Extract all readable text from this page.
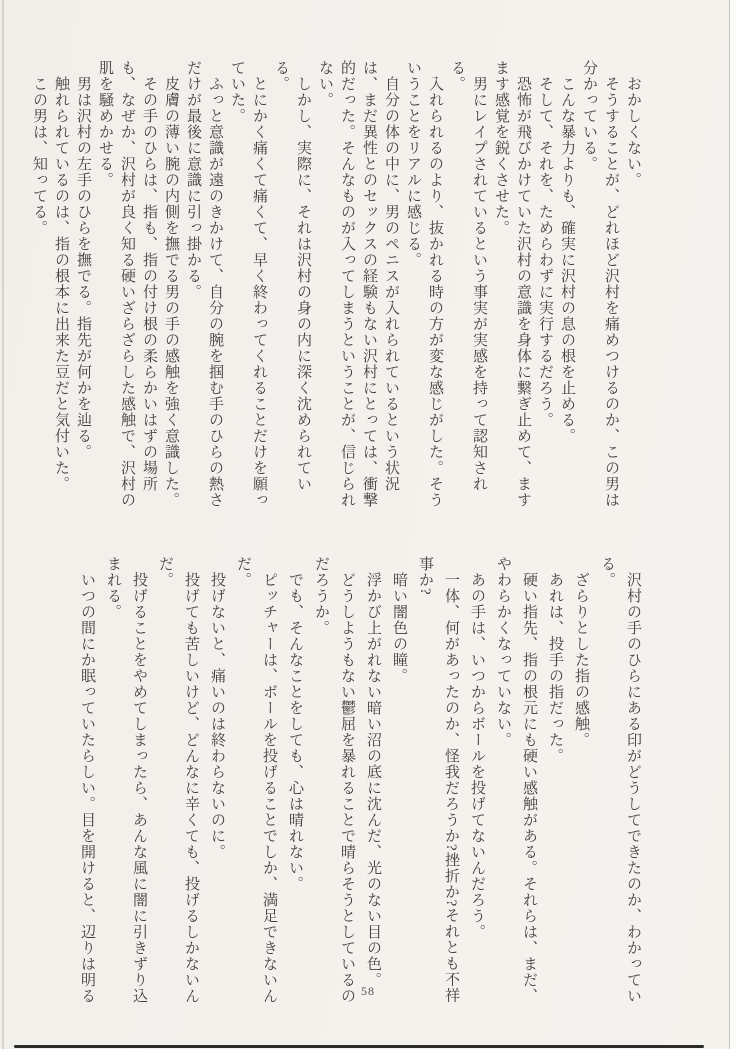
おかしくない。

そうすることが、どれほど沢村を痛めつけるのか、この男は分かっている。

こんな暴力よりも、確実に沢村の息の根を止める。

そして、それを、ためらわずに実行するだろう。

恐怖が飛びかけていた沢村の意識を身体に繋ぎ止めて、ますます感覚を鋭くさせた。

男にレイプされているという事実が実感を持って認知される。

入れられるのより、抜かれる時の方が変な感じがした。そういうことをリアルに感じる。

自分の体の中に、男のペニスが入れられているという状況は、まだ異性とのセックスの経験もない沢村にとっては、衝撃的だった。そんなものが入ってしまうということが、信じられない。

しかし、実際に、それは沢村の身の内に深く沈められている。

とにかく痛くて痛くて、早く終わってくれることだけを願っていた。

ふっと意識が遠のきかけて、自分の腕を掴む手のひらの熱さだけが最後に意識に引っ掛かる。

皮膚の薄い腕の内側を撫でる男の手の感触を強く意識した。

その手のひらは、指も、指の付け根の柔らかいはずの場所も、なぜか、沢村が良く知る硬いざらざらした感触で、沢村の肌を騒めかせる。

男は沢村の左手のひらを撫でる。指先が何かを辿る。

触れられているのは、指の根本に出来た豆だと気付いた。

この男は、知ってる。

沢村の手のひらにある印がどうしてできたのか、わかっている。

ざらりとした指の感触。

あれは、投手の指だった。

硬い指先、指の根元にも硬い感触がある。それらは、まだ、やわらかくなっていない。

あの手は、いつからボールを投げてないんだろう。

一体、何があったのか、怪我だろうか?挫折か?それとも不祥事か?

暗い闇色の瞳。

浮かび上がれない暗い沼の底に沈んだ、光のない目の色。

どうしようもない鬱屈を暴れることで晴らそうとしているのだろうか。

でも、そんなことをしても、心は晴れない。

ピッチャーは、ボールを投げることでしか、満足できないんだ。

投げないと、痛いのは終わらないのに。

投げても苦しいけど、どんなに辛くても、投げるしかないんだ。

投げることをやめてしまったら、あんな風に闇に引きずり込まれる。

いつの間にか眠っていたらしい。目を開けると、辺りは明る	58
